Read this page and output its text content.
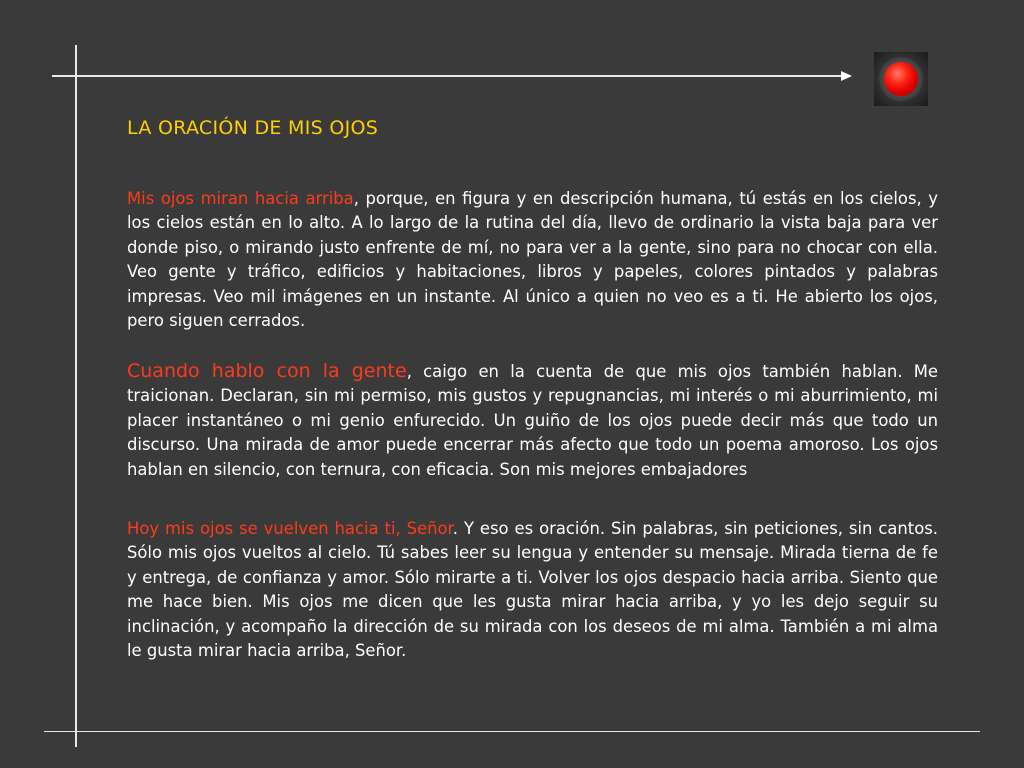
LA ORACIÓN DE MIS OJOS
Mis ojos miran hacia arriba, porque, en figura y en descripción humana, tú estás en los cielos, y los cielos están en lo alto. A lo largo de la rutina del día, llevo de ordinario la vista baja para ver donde piso, o mirando justo enfrente de mí, no para ver a la gente, sino para no chocar con ella. Veo gente y tráfico, edificios y habitaciones, libros y papeles, colores pintados y palabras impresas. Veo mil imágenes en un instante. Al único a quien no veo es a ti. He abierto los ojos, pero siguen cerrados.
Cuando hablo con la gente, caigo en la cuenta de que mis ojos también hablan. Me traicionan. Declaran, sin mi permiso, mis gustos y repugnancias, mi interés o mi aburrimiento, mi placer instantáneo o mi genio enfurecido. Un guiño de los ojos puede decir más que todo un discurso. Una mirada de amor puede encerrar más afecto que todo un poema amoroso. Los ojos hablan en silencio, con ternura, con eficacia. Son mis mejores embajadores
Hoy mis ojos se vuelven hacia ti, Señor. Y eso es oración. Sin palabras, sin peticiones, sin cantos. Sólo mis ojos vueltos al cielo. Tú sabes leer su lengua y entender su mensaje. Mirada tierna de fe y entrega, de confianza y amor. Sólo mirarte a ti. Volver los ojos despacio hacia arriba. Siento que me hace bien. Mis ojos me dicen que les gusta mirar hacia arriba, y yo les dejo seguir su inclinación, y acompaño la dirección de su mirada con los deseos de mi alma. También a mi alma le gusta mirar hacia arriba, Señor.
